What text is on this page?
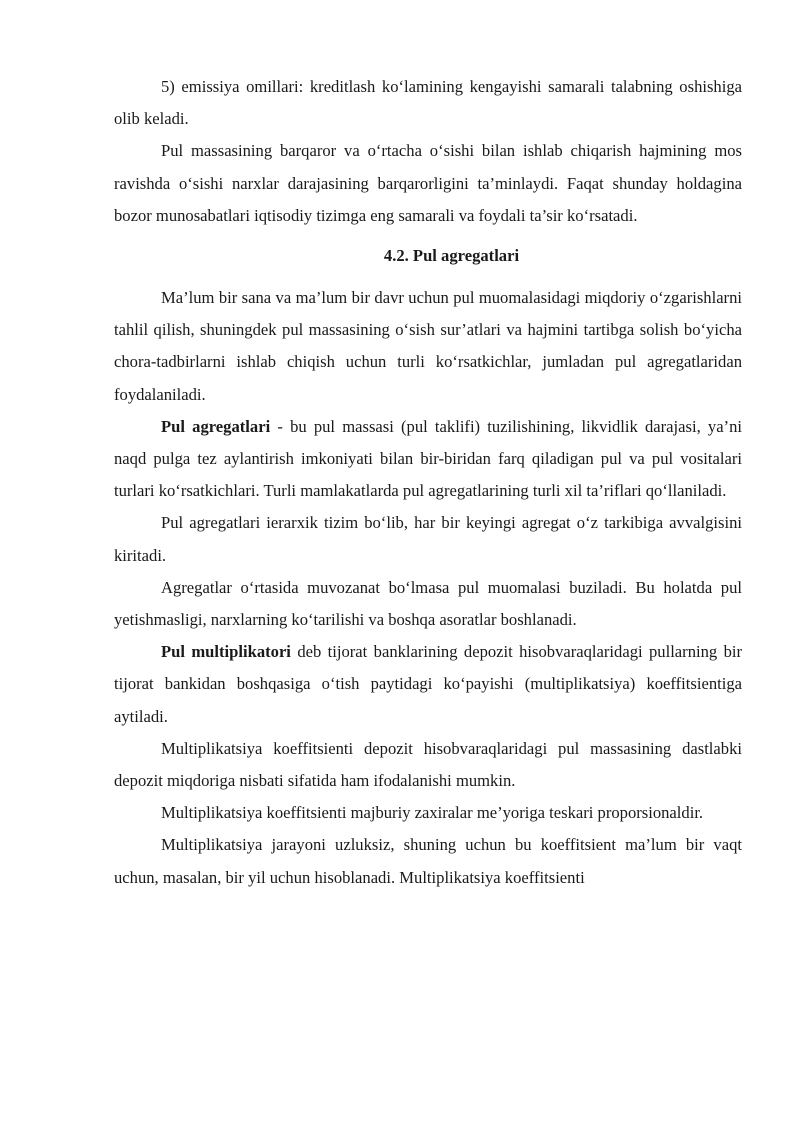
5) emissiya omillari: kreditlash ko‘lamining kengayishi samarali talabning oshishiga olib keladi.

Pul massasining barqaror va o‘rtacha o‘sishi bilan ishlab chiqarish hajmining mos ravishda o‘sishi narxlar darajasining barqarorligini ta’minlaydi. Faqat shunday holdagina bozor munosabatlari iqtisodiy tizimga eng samarali va foydali ta’sir ko‘rsatadi.

4.2. Pul agregatlari

Ma’lum bir sana va ma’lum bir davr uchun pul muomalasidagi miqdoriy o‘zgarishlarni tahlil qilish, shuningdek pul massasining o‘sish sur’atlari va hajmini tartibga solish bo‘yicha chora-tadbirlarni ishlab chiqish uchun turli ko‘rsatkichlar, jumladan pul agregatlaridan foydalaniladi.

Pul agregatlari - bu pul massasi (pul taklifi) tuzilishining, likvidlik darajasi, ya’ni naqd pulga tez aylantirish imkoniyati bilan bir-biridan farq qiladigan pul va pul vositalari turlari ko‘rsatkichlari. Turli mamlakatlarda pul agregatlarining turli xil ta’riflari qo‘llaniladi.

Pul agregatlari ierarxik tizim bo‘lib, har bir keyingi agregat o‘z tarkibiga avvalgisini kiritadi.

Agregatlar o‘rtasida muvozanat bo‘lmasa pul muomalasi buziladi. Bu holatda pul yetishmasligi, narxlarning ko‘tarilishi va boshqa asoratlar boshlanadi.

Pul multiplikatori deb tijorat banklarining depozit hisobvaraqlaridagi pullarning bir tijorat bankidan boshqasiga o‘tish paytidagi ko‘payishi (multiplikatsiya) koeffitsientiga aytiladi.

Multiplikatsiya koeffitsienti depozit hisobvaraqlaridagi pul massasining dastlabki depozit miqdoriga nisbati sifatida ham ifodalanishi mumkin.

Multiplikatsiya koeffitsienti majburiy zaxiralar me’yoriga teskari proporsionaldir.

Multiplikatsiya jarayoni uzluksiz, shuning uchun bu koeffitsient ma’lum bir vaqt uchun, masalan, bir yil uchun hisoblanadi. Multiplikatsiya koeffitsienti
